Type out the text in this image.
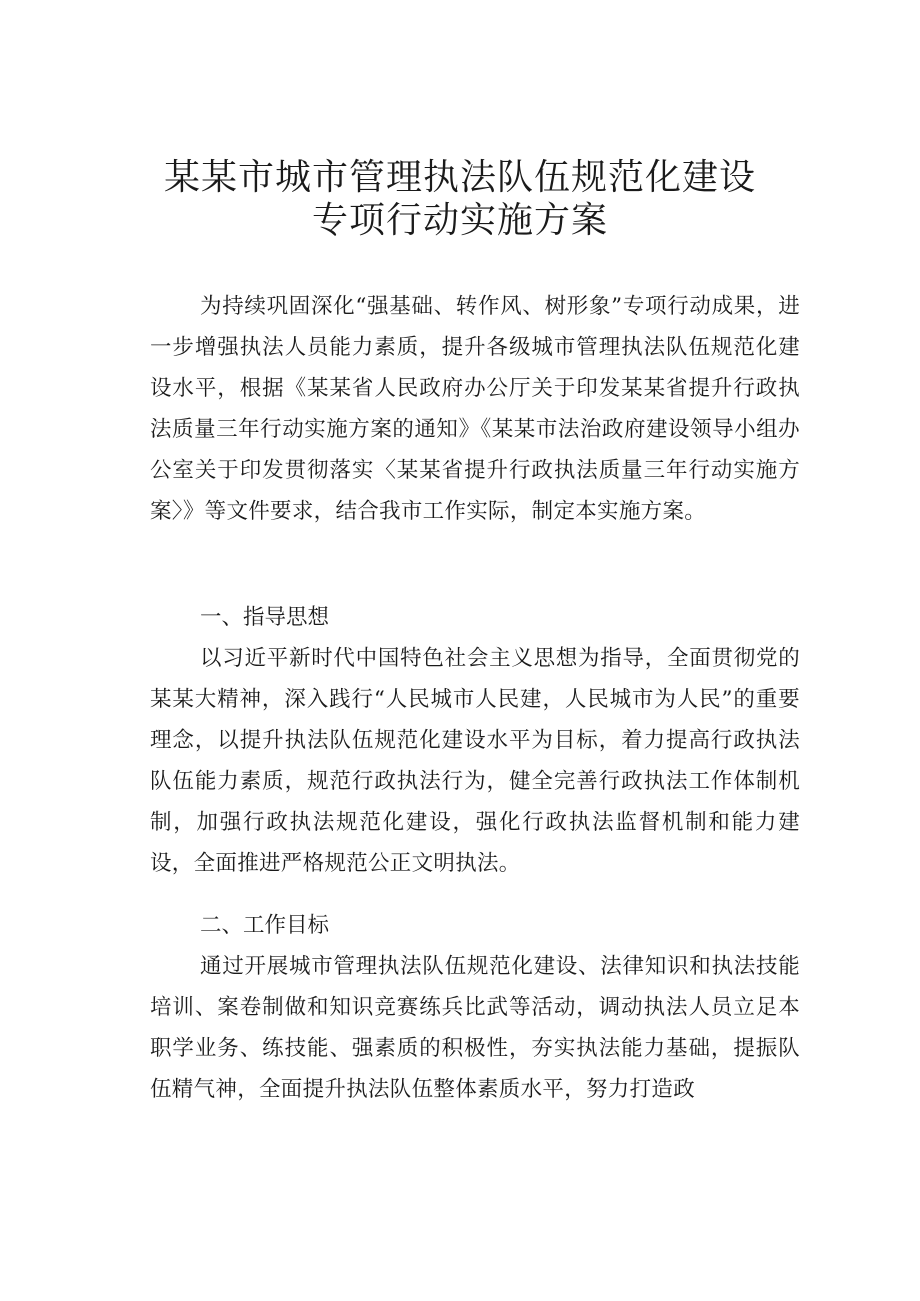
某某市城市管理执法队伍规范化建设
专项行动实施方案

为持续巩固深化“强基础、转作风、树形象”专项行动成果，进一步增强执法人员能力素质，提升各级城市管理执法队伍规范化建设水平，根据《某某省人民政府办公厅关于印发某某省提升行政执法质量三年行动实施方案的通知》《某某市法治政府建设领导小组办公室关于印发贯彻落实〈某某省提升行政执法质量三年行动实施方案〉》等文件要求，结合我市工作实际，制定本实施方案。

一、指导思想

以习近平新时代中国特色社会主义思想为指导，全面贯彻党的某某大精神，深入践行“人民城市人民建，人民城市为人民”的重要理念，以提升执法队伍规范化建设水平为目标，着力提高行政执法队伍能力素质，规范行政执法行为，健全完善行政执法工作体制机制，加强行政执法规范化建设，强化行政执法监督机制和能力建设，全面推进严格规范公正文明执法。

二、工作目标

通过开展城市管理执法队伍规范化建设、法律知识和执法技能培训、案卷制做和知识竞赛练兵比武等活动，调动执法人员立足本职学业务、练技能、强素质的积极性，夯实执法能力基础，提振队伍精气神，全面提升执法队伍整体素质水平，努力打造政
